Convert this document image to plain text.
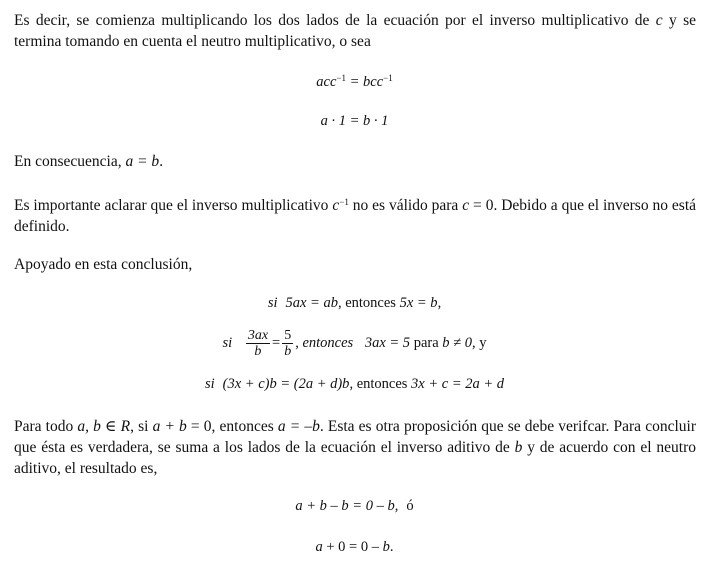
Es decir, se comienza multiplicando los dos lados de la ecuación por el inverso multiplicativo de c y se termina tomando en cuenta el neutro multiplicativo, o sea
acc$^{-1}$ = bcc$^{-1}$
a · 1 = b · 1
En consecuencia, a = b.
Es importante aclarar que el inverso multiplicativo $c^{-1}$ no es válido para c = 0. Debido a que el inverso no está definido.
Apoyado en esta conclusión,
si 5ax = ab, entonces 5x = b,
si $\frac{3ax}{b} = \frac{5}{b}$ , entonces 3ax = 5 para b ≠ 0, y
si (3x + c)b = (2a + d)b, entonces 3x + c = 2a + d
Para todo a, b ∈ R, si a + b = 0, entonces a = –b. Esta es otra proposición que se debe verifcar. Para concluir que ésta es verdadera, se suma a los lados de la ecuación el inverso aditivo de b y de acuerdo con el neutro aditivo, el resultado es,
a + b – b = 0 – b, ó
a + 0 = 0 – b.
